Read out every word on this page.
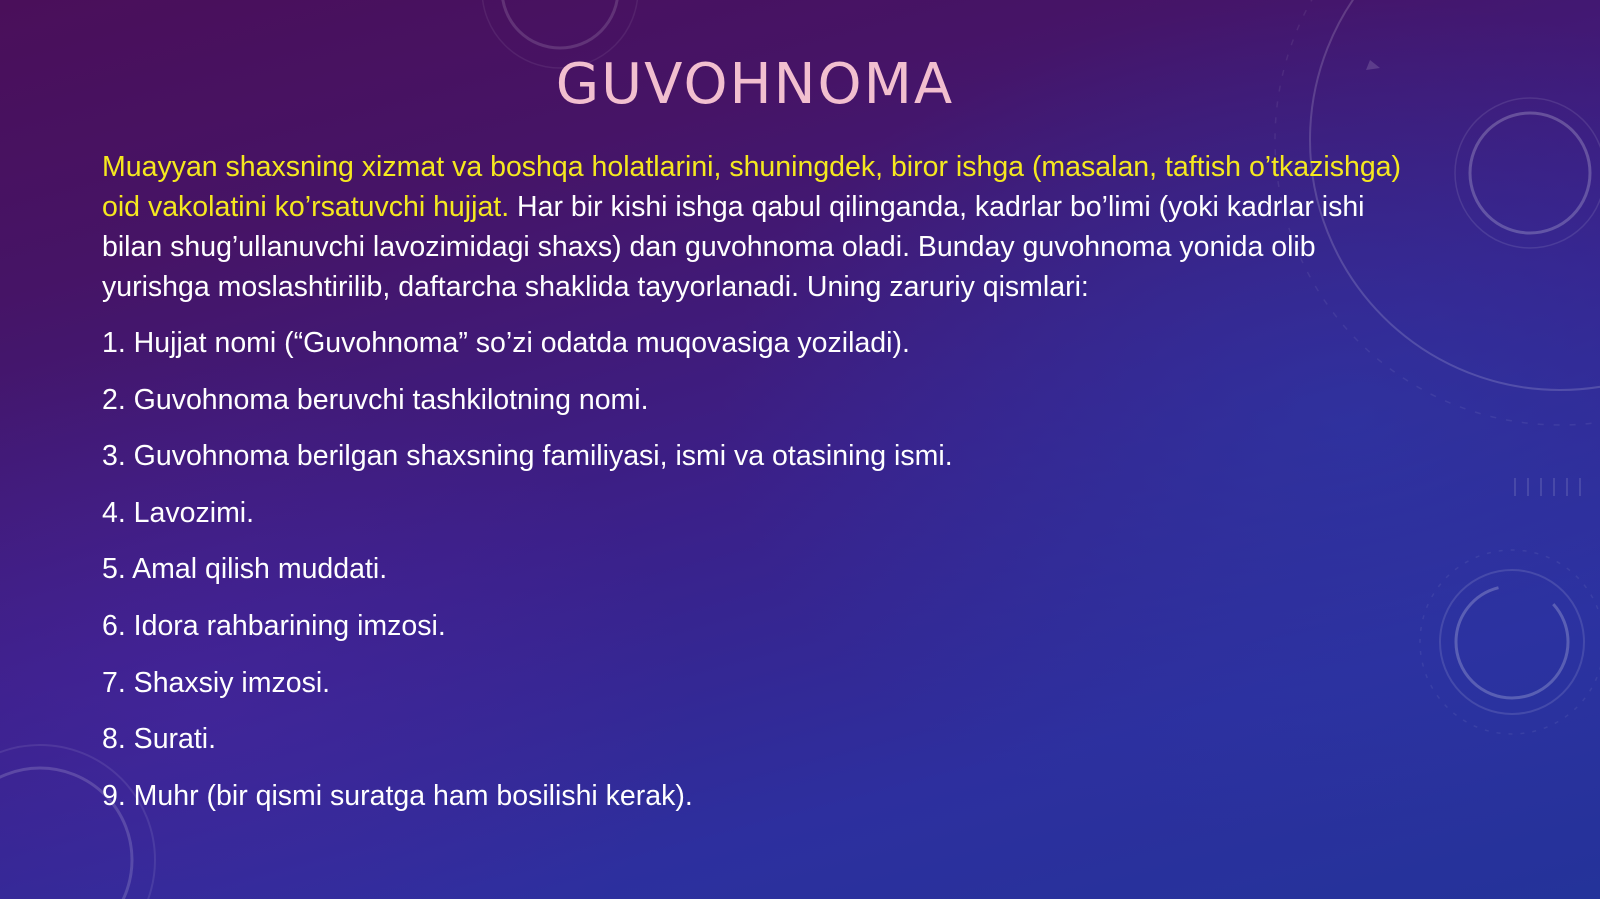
GUVOHNOMA

Muayyan shaxsning xizmat va boshqa holatlarini, shuningdek, biror ishga (masalan, taftish o’tkazishga) oid vakolatini ko’rsatuvchi hujjat. Har bir kishi ishga qabul qilinganda, kadrlar bo’limi (yoki kadrlar ishi bilan shug’ullanuvchi lavozimidagi shaxs) dan guvohnoma oladi. Bunday guvohnoma yonida olib yurishga moslashtirilib, daftarcha shaklida tayyorlanadi. Uning zaruriy qismlari:

1. Hujjat nomi (“Guvohnoma” so’zi odatda muqovasiga yoziladi).
2. Guvohnoma beruvchi tashkilotning nomi.
3. Guvohnoma berilgan shaxsning familiyasi, ismi va otasining ismi.
4. Lavozimi.
5. Amal qilish muddati.
6. Idora rahbarining imzosi.
7. Shaxsiy imzosi.
8. Surati.
9. Muhr (bir qismi suratga ham bosilishi kerak).
